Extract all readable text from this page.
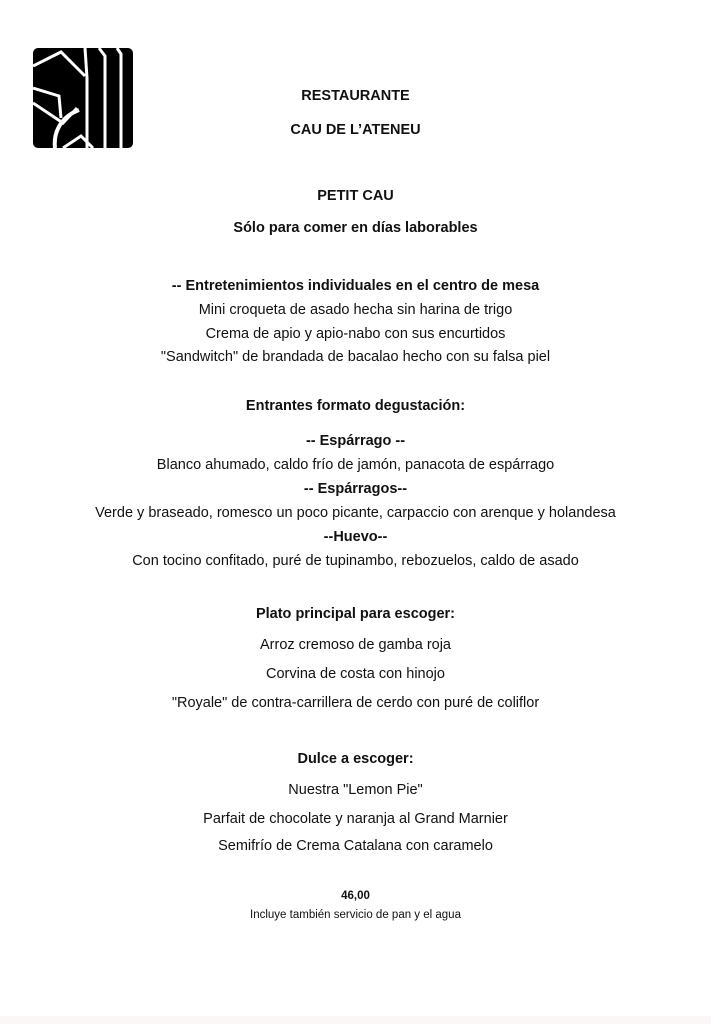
RESTAURANTE
CAU DE L’ATENEU
PETIT CAU
Sólo para comer en días laborables
-- Entretenimientos individuales en el centro de mesa
Mini croqueta de asado hecha sin harina de trigo
Crema de apio y apio-nabo con sus encurtidos
"Sandwitch" de brandada de bacalao hecho con su falsa piel
Entrantes formato degustación:
-- Espárrago --
Blanco ahumado, caldo frío de jamón, panacota de espárrago
-- Espárragos--
Verde y braseado, romesco un poco picante, carpaccio con arenque y holandesa
--Huevo--
Con tocino confitado, puré de tupinambo, rebozuelos, caldo de asado
Plato principal para escoger:
Arroz cremoso de gamba roja
Corvina de costa con hinojo
"Royale" de contra-carrillera de cerdo con puré de coliflor
Dulce a escoger:
Nuestra "Lemon Pie"
Parfait de chocolate y naranja al Grand Marnier
Semifrío de Crema Catalana con caramelo
46,00
Incluye también servicio de pan y el agua
